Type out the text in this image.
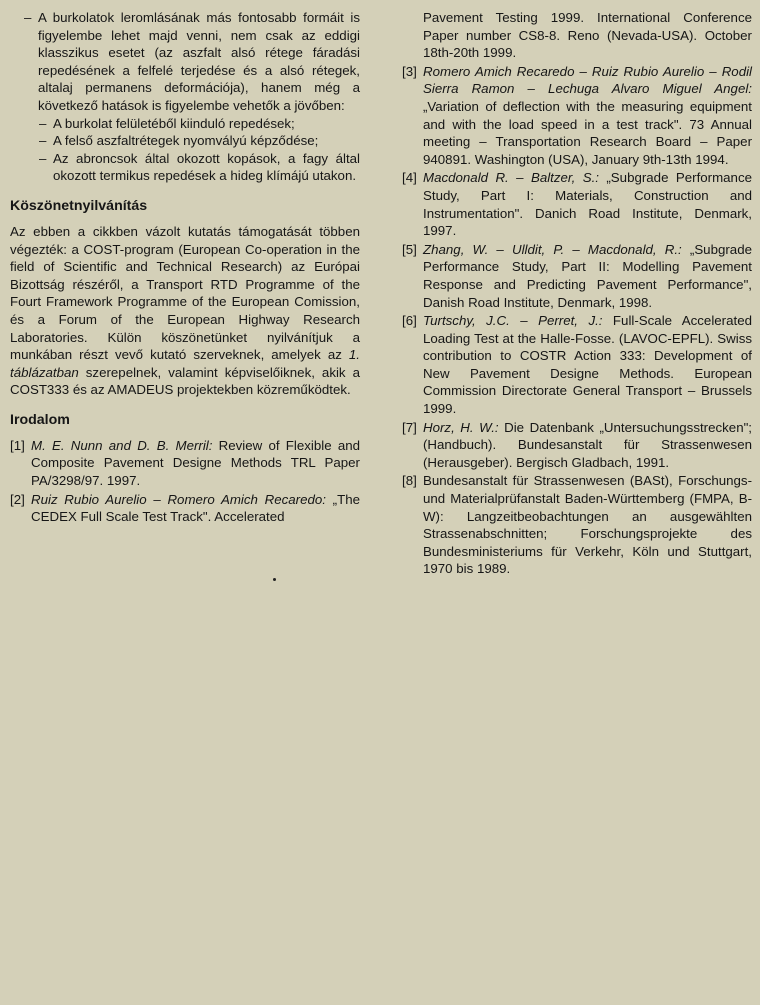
– A burkolatok leromlásának más fontosabb formáit is figyelembe lehet majd venni, nem csak az eddigi klasszikus esetet (az aszfalt alsó rétege fáradási repedésének a felfelé terjedése és a alsó rétegek, altalaj permanens deformációja), hanem még a következő hatások is figyelembe vehetők a jövőben:

– A burkolat felületéből kiinduló repedések;

– A felső aszfaltrétegek nyomvályú képződése;

– Az abroncsok által okozott kopások, a fagy által okozott termikus repedések a hideg klímájú utakon.

Köszönetnyilvánítás

Az ebben a cikkben vázolt kutatás támogatását többen végezték: a COST-program (European Co-operation in the field of Scientific and Technical Research) az Európai Bizottság részéről, a Transport RTD Programme of the Fourt Framework Programme of the European Comission, és a Forum of the European Highway Research Laboratories. Külön köszönetünket nyilvánítjuk a munkában részt vevő kutató szerveknek, amelyek az 1. táblázatban szerepelnek, valamint képviselőiknek, akik a COST333 és az AMADEUS projektekben közreműködtek.

Irodalom

[1] M. E. Nunn and D. B. Merril: Review of Flexible and Composite Pavement Designe Methods TRL Paper PA/3298/97. 1997.

[2] Ruiz Rubio Aurelio – Romero Amich Recaredo: „The CEDEX Full Scale Test Track". Accelerated

Pavement Testing 1999. International Conference Paper number CS8-8. Reno (Nevada-USA). October 18th-20th 1999.

[3] Romero Amich Recaredo – Ruiz Rubio Aurelio – Rodil Sierra Ramon – Lechuga Alvaro Miguel Angel: „Variation of deflection with the measuring equipment and with the load speed in a test track". 73 Annual meeting – Transportation Research Board – Paper 940891. Washington (USA), January 9th-13th 1994.

[4] Macdonald R. – Baltzer, S.: „Subgrade Performance Study, Part I: Materials, Construction and Instrumentation". Danich Road Institute, Denmark, 1997.

[5] Zhang, W. – Ulldit, P. – Macdonald, R.: „Subgrade Performance Study, Part II: Modelling Pavement Response and Predicting Pavement Performance", Danish Road Institute, Denmark, 1998.

[6] Turtschy, J.C. – Perret, J.: Full-Scale Accelerated Loading Test at the Halle-Fosse. (LAVOC-EPFL). Swiss contribution to COSTR Action 333: Development of New Pavement Designe Methods. European Commission Directorate General Transport – Brussels 1999.

[7] Horz, H. W.: Die Datenbank „Untersuchungsstrecken"; (Handbuch). Bundesanstalt für Strassenwesen (Herausgeber). Bergisch Gladbach, 1991.

[8] Bundesanstalt für Strassenwesen (BASt), Forschungs- und Materialprüfanstalt Baden-Württemberg (FMPA, B-W): Langzeitbeobachtungen an ausgewählten Strassenabschnitten; Forschungsprojekte des Bundesministeriums für Verkehr, Köln und Stuttgart, 1970 bis 1989.
